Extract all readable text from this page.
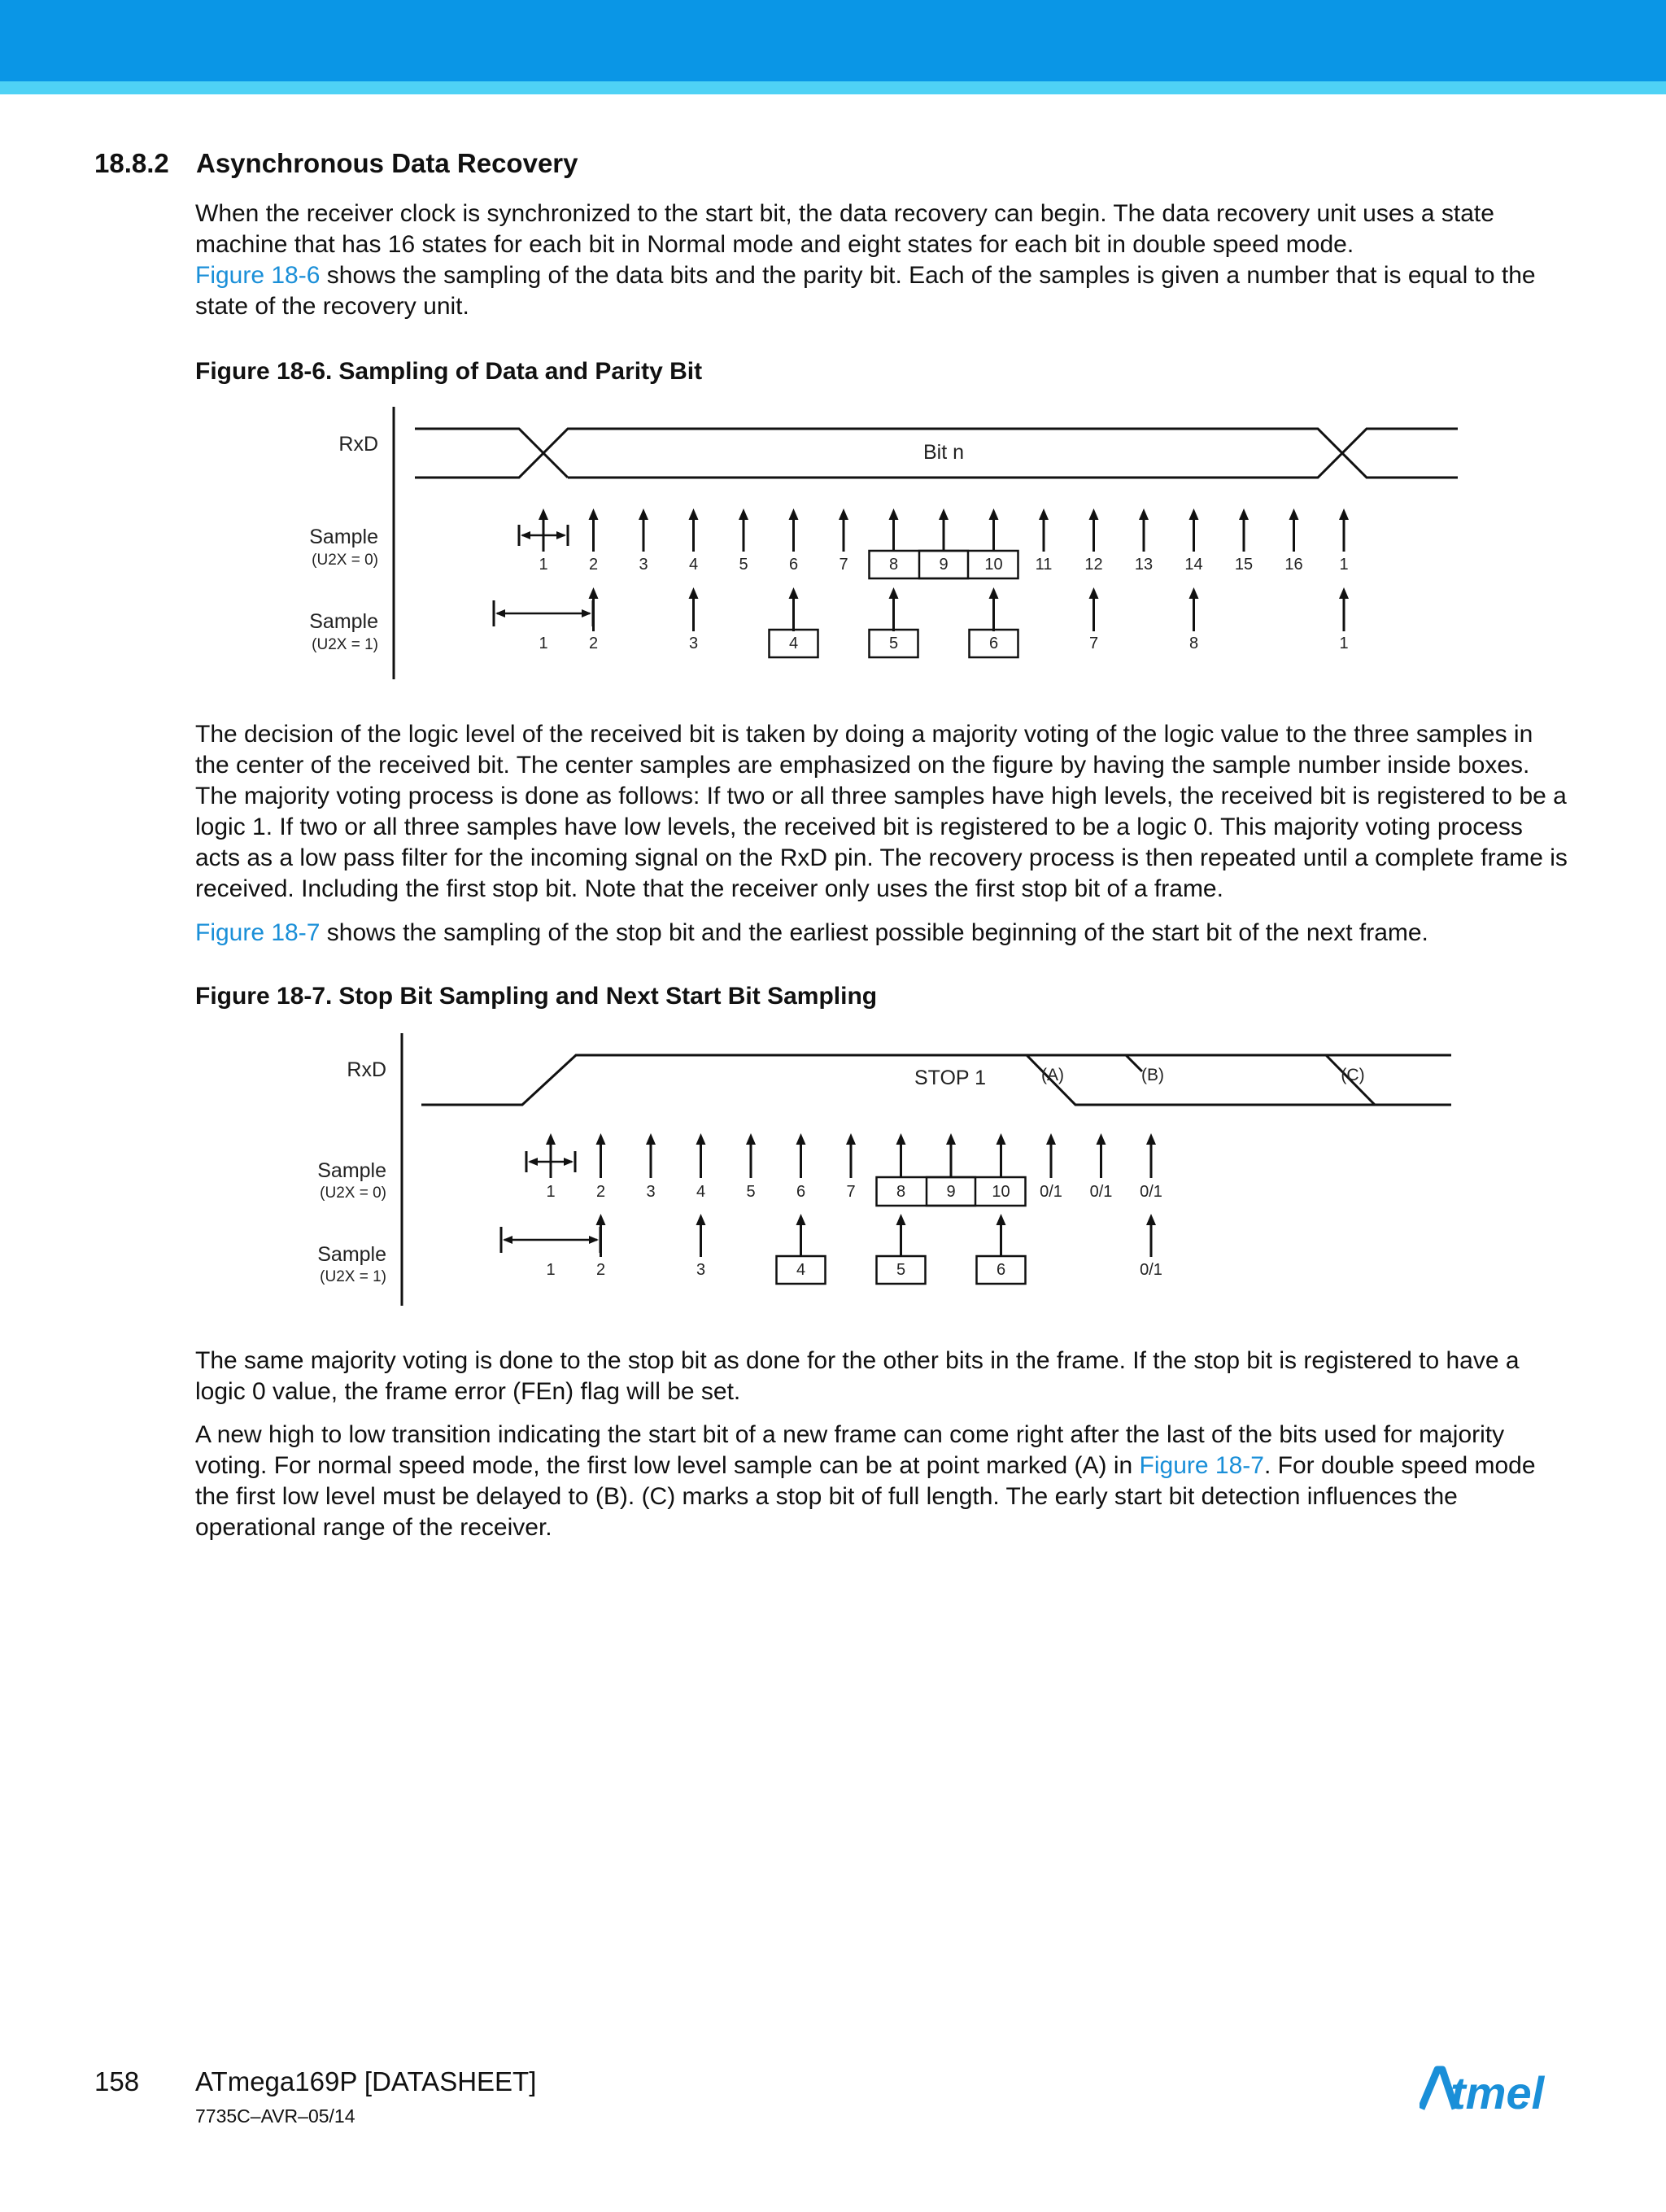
18.8.2 Asynchronous Data Recovery

When the receiver clock is synchronized to the start bit, the data recovery can begin. The data recovery unit uses a state machine that has 16 states for each bit in Normal mode and eight states for each bit in double speed mode.
Figure 18-6 shows the sampling of the data bits and the parity bit. Each of the samples is given a number that is equal to the state of the recovery unit.

Figure 18-6. Sampling of Data and Parity Bit
RxD
Sample
(U2X = 0)
Sample
(U2X = 1)
Bit n
1	2	3	4	5	6	7	8	9 10 11 12 13 14 15 16 1
1	2	3	4	5	6	7	8	1

The decision of the logic level of the received bit is taken by doing a majority voting of the logic value to the three samples in the center of the received bit. The center samples are emphasized on the figure by having the sample number inside boxes. The majority voting process is done as follows: If two or all three samples have high levels, the received bit is registered to be a logic 1. If two or all three samples have low levels, the received bit is registered to be a logic 0. This majority voting process acts as a low pass filter for the incoming signal on the RxD pin. The recovery process is then repeated until a complete frame is received. Including the first stop bit. Note that the receiver only uses the first stop bit of a frame.

Figure 18-7 shows the sampling of the stop bit and the earliest possible beginning of the start bit of the next frame.

Figure 18-7. Stop Bit Sampling and Next Start Bit Sampling
RxD
Sample
(U2X = 0)
Sample
(U2X = 1)
STOP 1	(A)	(B)	(C)
1	2	3	4	5	6	7	8	9 10 0/1 0/1 0/1
1	2	3	4	5	6	0/1

The same majority voting is done to the stop bit as done for the other bits in the frame. If the stop bit is registered to have a logic 0 value, the frame error (FEn) flag will be set.

A new high to low transition indicating the start bit of a new frame can come right after the last of the bits used for majority voting. For normal speed mode, the first low level sample can be at point marked (A) in Figure 18-7. For double speed mode the first low level must be delayed to (B). (C) marks a stop bit of full length. The early start bit detection influences the operational range of the receiver.

158 ATmega169P [DATASHEET]
7735C–AVR–05/14	tmel
